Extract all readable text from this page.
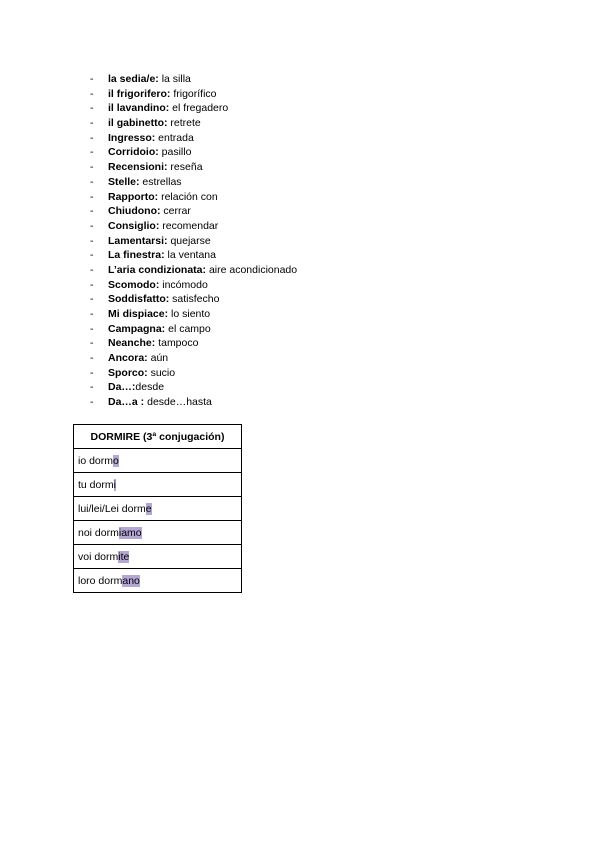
- la sedia/e: la silla
- il frigorifero: frigorífico
- il lavandino: el fregadero
- il gabinetto: retrete
- Ingresso: entrada
- Corridoio: pasillo
- Recensioni: reseña
- Stelle: estrellas
- Rapporto: relación con
- Chiudono: cerrar
- Consiglio: recomendar
- Lamentarsi: quejarse
- La finestra: la ventana
- L’aria condizionata: aire acondicionado
- Scomodo: incómodo
- Soddisfatto: satisfecho
- Mi dispiace: lo siento
- Campagna: el campo
- Neanche: tampoco
- Ancora: aún
- Sporco: sucio
- Da…:desde
- Da…a : desde…hasta
DORMIRE (3ª conjugación)
io dormo
tu dormi
lui/lei/Lei dorme
noi dormiamo
voi dormite
loro dormano
